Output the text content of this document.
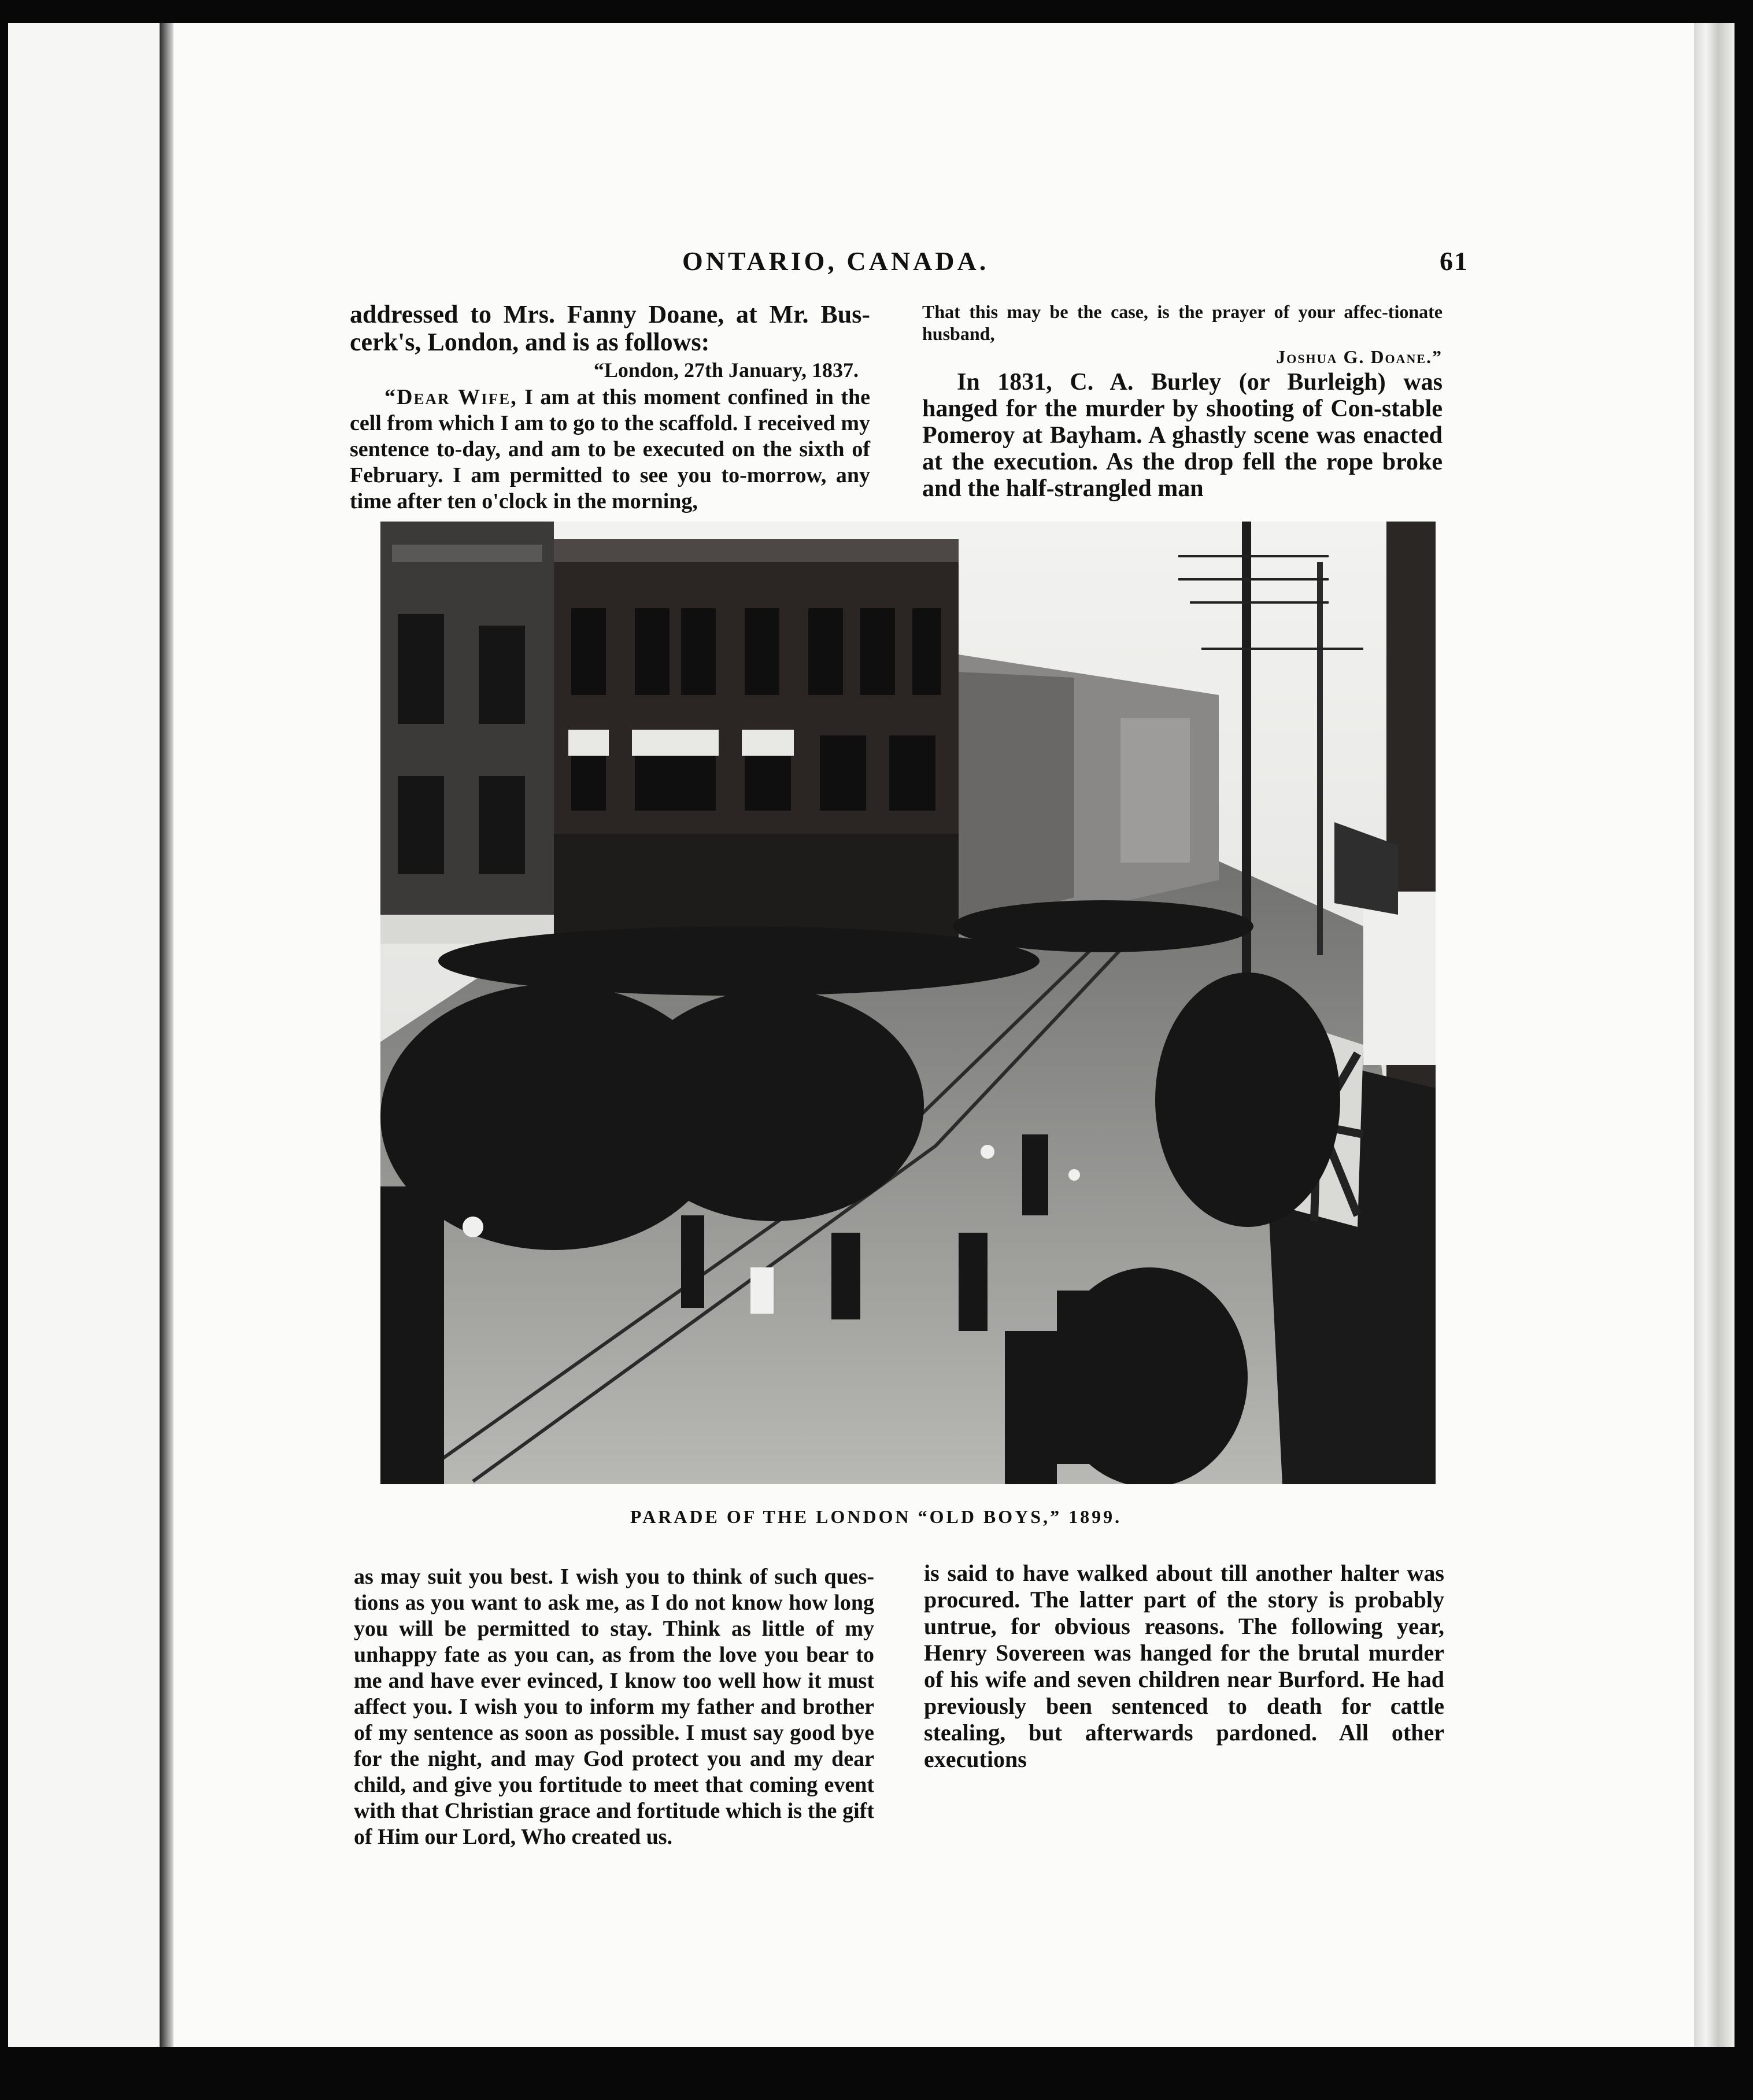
ONTARIO, CANADA.	61

addressed to Mrs. Fanny Doane, at Mr. Bus-cerk's, London, and is as follows:

“London, 27th January, 1837.

“Dear Wife, I am at this moment confined in the cell from which I am to go to the scaffold. I received my sentence to-day, and am to be executed on the sixth of February. I am permitted to see you to-morrow, any time after ten o'clock in the morning,

That this may be the case, is the prayer of your affec-tionate husband,

Joshua G. Doane.”

In 1831, C. A. Burley (or Burleigh) was hanged for the murder by shooting of Con-stable Pomeroy at Bayham. A ghastly scene was enacted at the execution. As the drop fell the rope broke and the half-strangled man

PARADE OF THE LONDON “OLD BOYS,” 1899.

as may suit you best. I wish you to think of such ques-tions as you want to ask me, as I do not know how long you will be permitted to stay. Think as little of my unhappy fate as you can, as from the love you bear to me and have ever evinced, I know too well how it must affect you. I wish you to inform my father and brother of my sentence as soon as possible. I must say good bye for the night, and may God protect you and my dear child, and give you fortitude to meet that coming event with that Christian grace and fortitude which is the gift of Him our Lord, Who created us.

is said to have walked about till another halter was procured. The latter part of the story is probably untrue, for obvious reasons. The following year, Henry Sovereen was hanged for the brutal murder of his wife and seven children near Burford. He had previously been sentenced to death for cattle stealing, but afterwards pardoned. All other executions
